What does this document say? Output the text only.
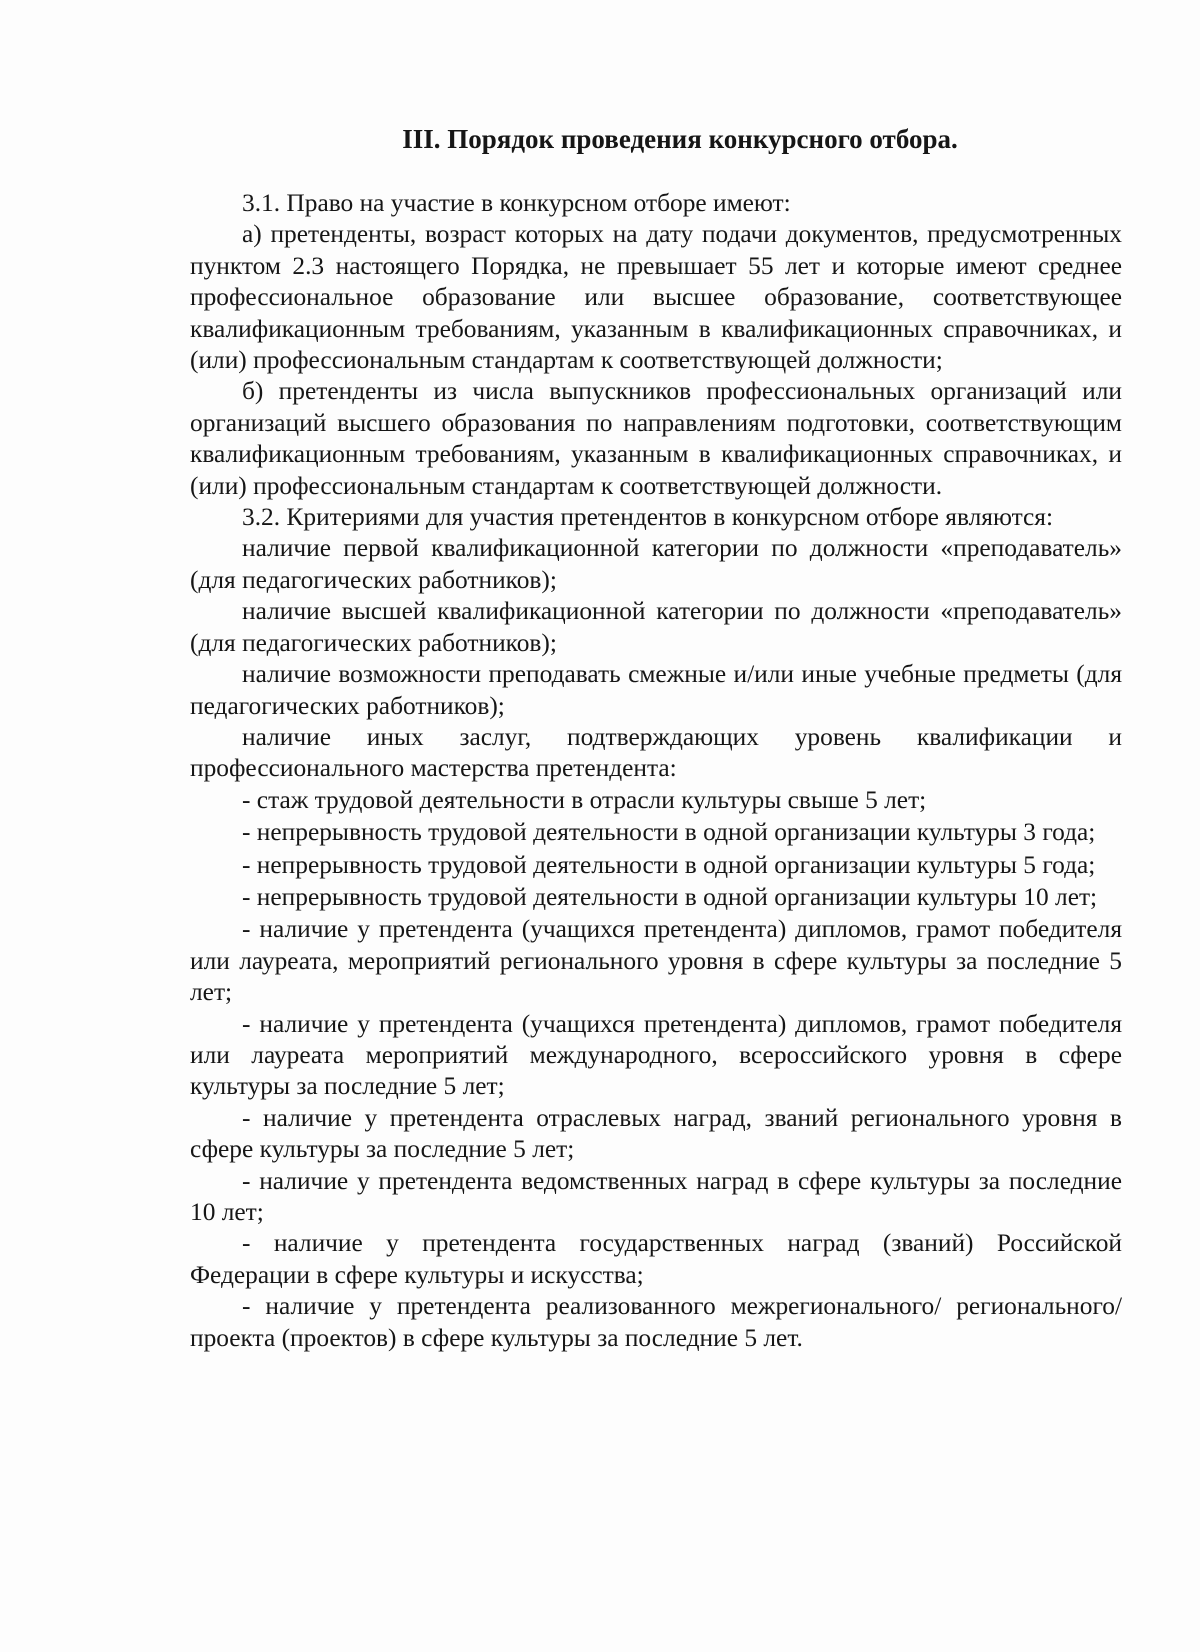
III. Порядок проведения конкурсного отбора.

3.1. Право на участие в конкурсном отборе имеют:

а) претенденты, возраст которых на дату подачи документов, предусмотренных пунктом 2.3 настоящего Порядка, не превышает 55 лет и которые имеют среднее профессиональное образование или высшее образование, соответствующее квалификационным требованиям, указанным в квалификационных справочниках, и (или) профессиональным стандартам к соответствующей должности;

б) претенденты из числа выпускников профессиональных организаций или организаций высшего образования по направлениям подготовки, соответствующим квалификационным требованиям, указанным в квалификационных справочниках, и (или) профессиональным стандартам к соответствующей должности.

3.2. Критериями для участия претендентов в конкурсном отборе являются:

наличие первой квалификационной категории по должности «преподаватель» (для педагогических работников);

наличие высшей квалификационной категории по должности «преподаватель» (для педагогических работников);

наличие возможности преподавать смежные и/или иные учебные предметы (для педагогических работников);

наличие иных заслуг, подтверждающих уровень квалификации и профессионального мастерства претендента:

- стаж трудовой деятельности в отрасли культуры свыше 5 лет;

- непрерывность трудовой деятельности в одной организации культуры 3 года;

- непрерывность трудовой деятельности в одной организации культуры 5 года;

- непрерывность трудовой деятельности в одной организации культуры 10 лет;

- наличие у претендента (учащихся претендента) дипломов, грамот победителя или лауреата, мероприятий регионального уровня в сфере культуры за последние 5 лет;

- наличие у претендента (учащихся претендента) дипломов, грамот победителя или лауреата мероприятий международного, всероссийского уровня в сфере культуры за последние 5 лет;

- наличие у претендента отраслевых наград, званий регионального уровня в сфере культуры за последние 5 лет;

- наличие у претендента ведомственных наград в сфере культуры за последние 10 лет;

- наличие у претендента государственных наград (званий) Российской Федерации в сфере культуры и искусства;

- наличие у претендента реализованного межрегионального/ регионального/ проекта (проектов) в сфере культуры за последние 5 лет.
